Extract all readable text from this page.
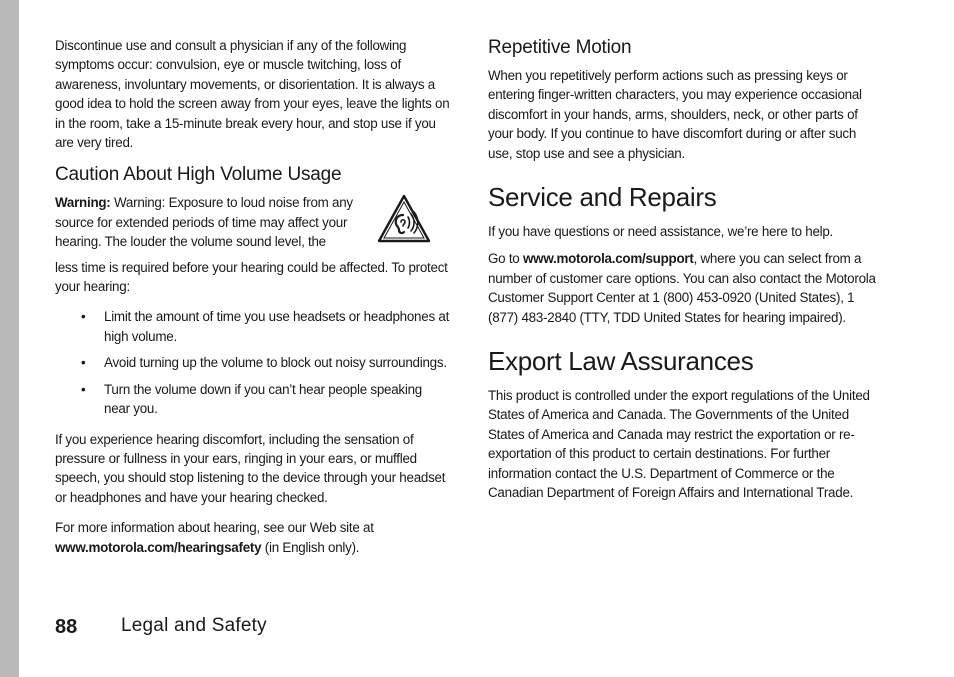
Discontinue use and consult a physician if any of the following symptoms occur: convulsion, eye or muscle twitching, loss of awareness, involuntary movements, or disorientation. It is always a good idea to hold the screen away from your eyes, leave the lights on in the room, take a 15-minute break every hour, and stop use if you are very tired.

Caution About High Volume Usage
Warning: Warning: Exposure to loud noise from any source for extended periods of time may affect your hearing. The louder the volume sound level, the

less time is required before your hearing could be affected. To protect your hearing:

• Limit the amount of time you use headsets or headphones at high volume.
• Avoid turning up the volume to block out noisy surroundings.
• Turn the volume down if you can’t hear people speaking near you.

If you experience hearing discomfort, including the sensation of pressure or fullness in your ears, ringing in your ears, or muffled speech, you should stop listening to the device through your headset or headphones and have your hearing checked.

For more information about hearing, see our Web site at
www.motorola.com/hearingsafety (in English only).

Repetitive Motion

When you repetitively perform actions such as pressing keys or entering finger-written characters, you may experience occasional discomfort in your hands, arms, shoulders, neck, or other parts of your body. If you continue to have discomfort during or after such use, stop use and see a physician.

Service and Repairs

If you have questions or need assistance, we’re here to help.

Go to www.motorola.com/support, where you can select from a number of customer care options. You can also contact the Motorola Customer Support Center at 1 (800) 453-0920 (United States), 1 (877) 483-2840 (TTY, TDD United States for hearing impaired).

Export Law Assurances

This product is controlled under the export regulations of the United States of America and Canada. The Governments of the United States of America and Canada may restrict the exportation or re-exportation of this product to certain destinations. For further information contact the U.S. Department of Commerce or the Canadian Department of Foreign Affairs and International Trade.

88 Legal and Safety
